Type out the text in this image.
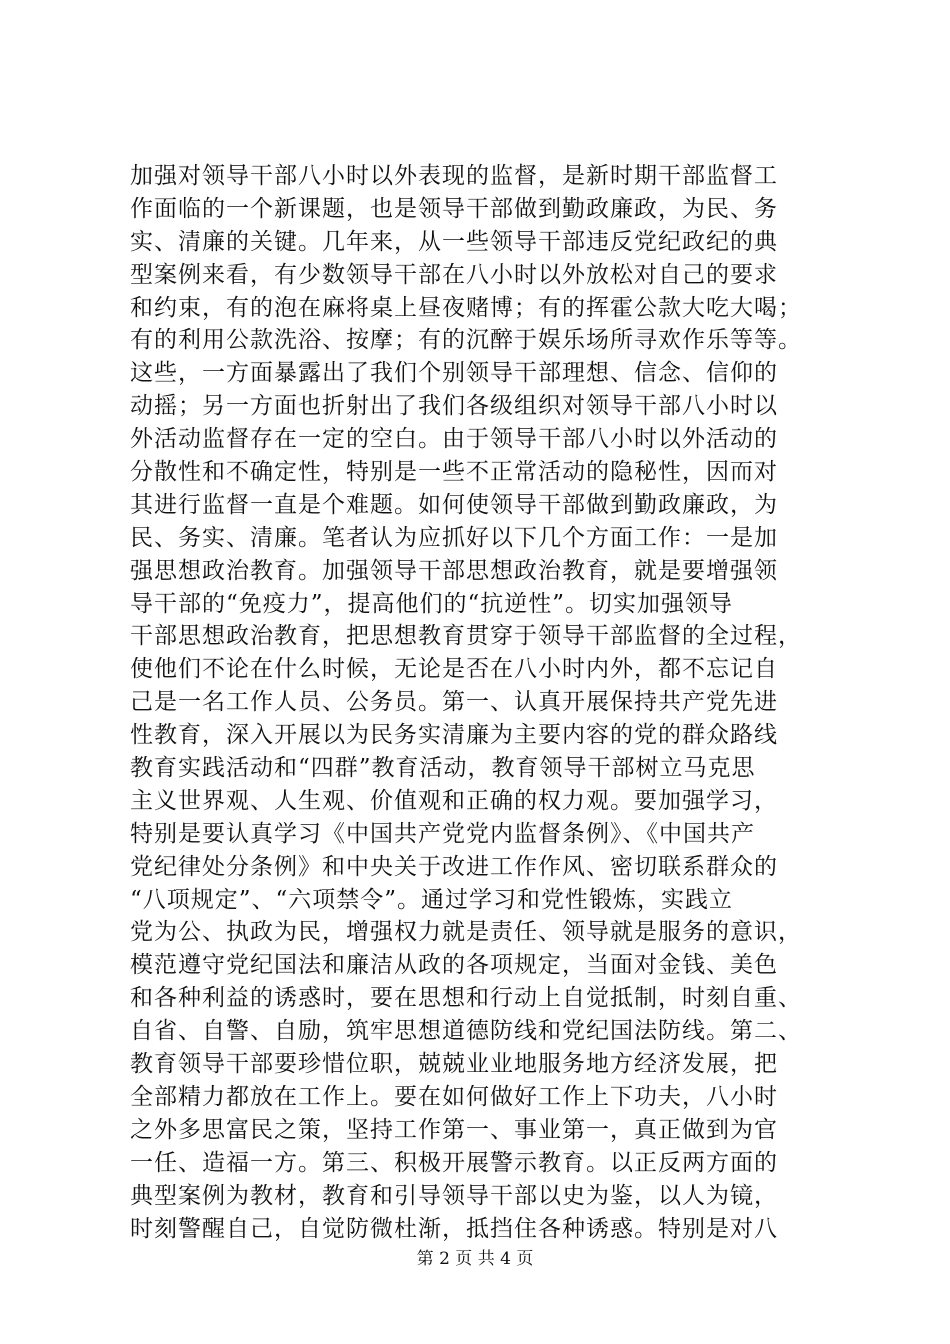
加强对领导干部八小时以外表现的监督，是新时期干部监督工
作面临的一个新课题，也是领导干部做到勤政廉政，为民、务
实、清廉的关键。几年来，从一些领导干部违反党纪政纪的典
型案例来看，有少数领导干部在八小时以外放松对自己的要求
和约束，有的泡在麻将桌上昼夜赌博；有的挥霍公款大吃大喝；
有的利用公款洗浴、按摩；有的沉醉于娱乐场所寻欢作乐等等。
这些，一方面暴露出了我们个别领导干部理想、信念、信仰的
动摇；另一方面也折射出了我们各级组织对领导干部八小时以
外活动监督存在一定的空白。由于领导干部八小时以外活动的
分散性和不确定性，特别是一些不正常活动的隐秘性，因而对
其进行监督一直是个难题。如何使领导干部做到勤政廉政，为
民、务实、清廉。笔者认为应抓好以下几个方面工作：一是加
强思想政治教育。加强领导干部思想政治教育，就是要增强领
导干部的“免疫力”，提高他们的“抗逆性”。切实加强领导
干部思想政治教育，把思想教育贯穿于领导干部监督的全过程，
使他们不论在什么时候，无论是否在八小时内外，都不忘记自
己是一名工作人员、公务员。第一、认真开展保持共产党先进
性教育，深入开展以为民务实清廉为主要内容的党的群众路线
教育实践活动和“四群”教育活动，教育领导干部树立马克思
主义世界观、人生观、价值观和正确的权力观。要加强学习，
特别是要认真学习《中国共产党党内监督条例》、《中国共产
党纪律处分条例》和中央关于改进工作作风、密切联系群众的
“八项规定”、“六项禁令”。通过学习和党性锻炼，实践立
党为公、执政为民，增强权力就是责任、领导就是服务的意识，
模范遵守党纪国法和廉洁从政的各项规定，当面对金钱、美色
和各种利益的诱惑时，要在思想和行动上自觉抵制，时刻自重、
自省、自警、自励，筑牢思想道德防线和党纪国法防线。第二、
教育领导干部要珍惜位职，兢兢业业地服务地方经济发展，把
全部精力都放在工作上。要在如何做好工作上下功夫，八小时
之外多思富民之策，坚持工作第一、事业第一，真正做到为官
一任、造福一方。第三、积极开展警示教育。以正反两方面的
典型案例为教材，教育和引导领导干部以史为鉴，以人为镜，
时刻警醒自己，自觉防微杜渐，抵挡住各种诱惑。特别是对八
第 2 页 共 4 页
